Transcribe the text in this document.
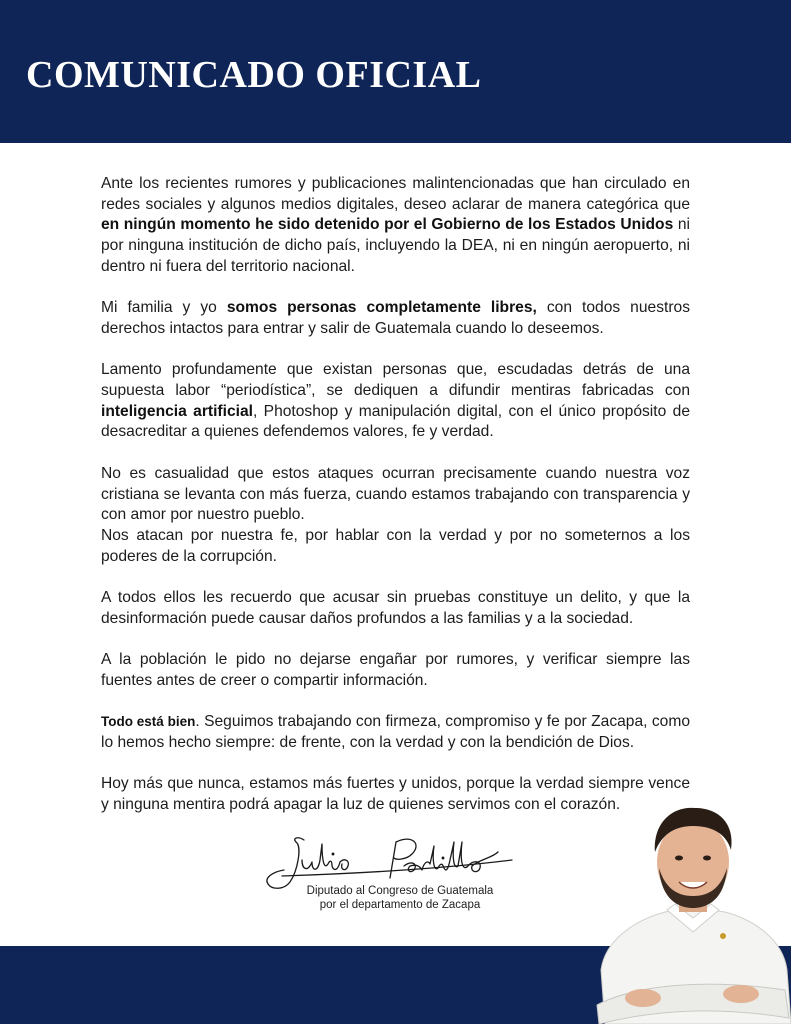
COMUNICADO OFICIAL

Ante los recientes rumores y publicaciones malintencionadas que han circulado en redes sociales y algunos medios digitales, deseo aclarar de manera categórica que en ningún momento he sido detenido por el Gobierno de los Estados Unidos ni por ninguna institución de dicho país, incluyendo la DEA, ni en ningún aeropuerto, ni dentro ni fuera del territorio nacional.

Mi familia y yo somos personas completamente libres, con todos nuestros derechos intactos para entrar y salir de Guatemala cuando lo deseemos.

Lamento profundamente que existan personas que, escudadas detrás de una supuesta labor “periodística”, se dediquen a difundir mentiras fabricadas con inteligencia artificial, Photoshop y manipulación digital, con el único propósito de desacreditar a quienes defendemos valores, fe y verdad.

No es casualidad que estos ataques ocurran precisamente cuando nuestra voz cristiana se levanta con más fuerza, cuando estamos trabajando con transparencia y con amor por nuestro pueblo.

Nos atacan por nuestra fe, por hablar con la verdad y por no someternos a los poderes de la corrupción.

A todos ellos les recuerdo que acusar sin pruebas constituye un delito, y que la desinformación puede causar daños profundos a las familias y a la sociedad.

A la población le pido no dejarse engañar por rumores, y verificar siempre las fuentes antes de creer o compartir información.

Todo está bien. Seguimos trabajando con firmeza, compromiso y fe por Zacapa, como lo hemos hecho siempre: de frente, con la verdad y con la bendición de Dios.

Hoy más que nunca, estamos más fuertes y unidos, porque la verdad siempre vence y ninguna mentira podrá apagar la luz de quienes servimos con el corazón.

Diputado al Congreso de Guatemala
por el departamento de Zacapa
